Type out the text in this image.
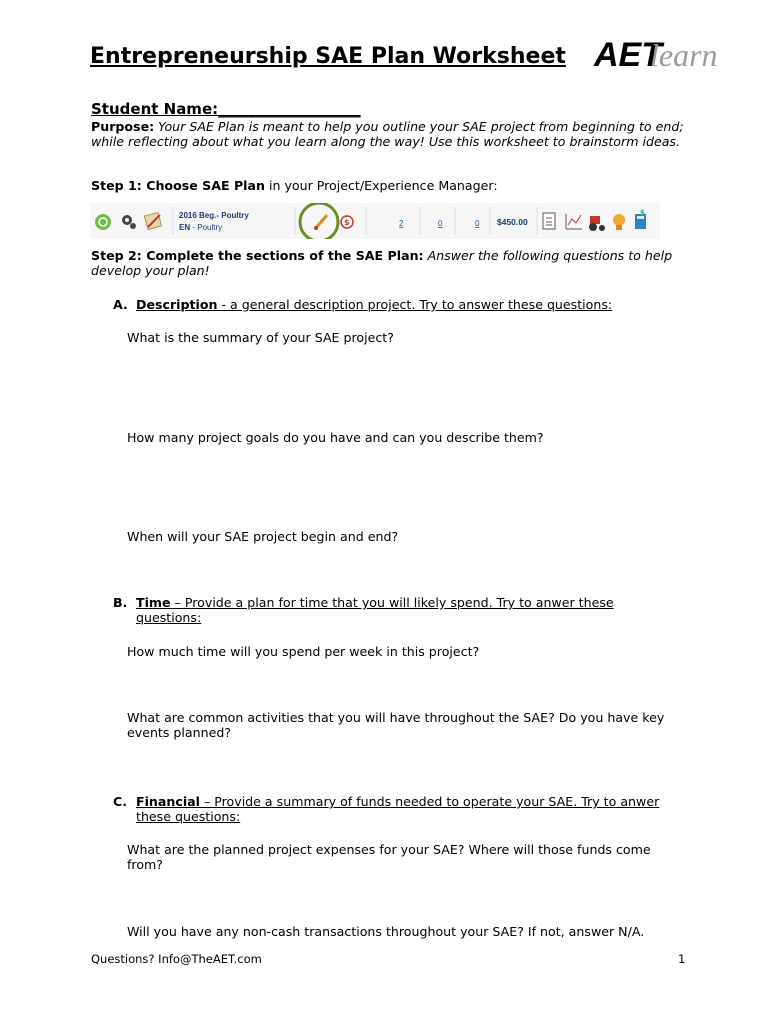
Entrepreneurship SAE Plan Worksheet AET
learn
Student Name:___________________
Purpose: Your SAE Plan is meant to help you outline your SAE project from beginning to end; while reflecting about what you learn along the way! Use this worksheet to brainstorm ideas.
Step 1: Choose SAE Plan in your Project/Experience Manager:
2016 Beg.- Poultry
EN - Poultry
$	2	0	0 $450.00
$
Step 2: Complete the sections of the SAE Plan: Answer the following questions to help develop your plan!
A. Description - a general description project. Try to answer these questions:
What is the summary of your SAE project?
How many project goals do you have and can you describe them?
When will your SAE project begin and end?
B. Time – Provide a plan for time that you will likely spend. Try to anwer these questions:
How much time will you spend per week in this project?
What are common activities that you will have throughout the SAE? Do you have key events planned?
C. Financial – Provide a summary of funds needed to operate your SAE. Try to anwer these questions:
What are the planned project expenses for your SAE? Where will those funds come from?
Will you have any non-cash transactions throughout your SAE? If not, answer N/A.
Questions? Info@TheAET.com	1
